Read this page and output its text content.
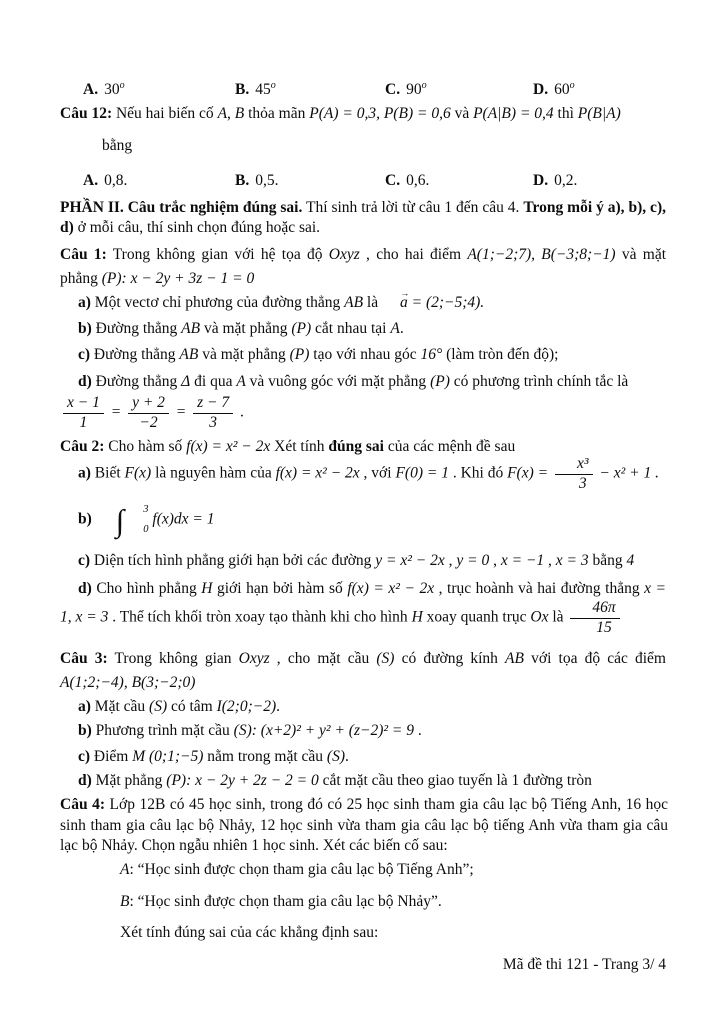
A. 30$^o$	B. 45$^o$	C. 90$^o$	D. 60$^o$

Câu 12: Nếu hai biến cố A, B thỏa mãn P(A) = 0,3, P(B) = 0,6 và P(A|B) = 0,4 thì P(B|A)

bằng

A. 0,8.	B. 0,5.	C. 0,6.	D. 0,2.

PHẦN II. Câu trắc nghiệm đúng sai. Thí sinh trả lời từ câu 1 đến câu 4. Trong mỗi ý a), b), c), d) ở mỗi câu, thí sinh chọn đúng hoặc sai.

Câu 1: Trong không gian với hệ tọa độ Oxyz , cho hai điểm A(1;−2;7), B(−3;8;−1) và mặt phẳng (P): x − 2y + 3z − 1 = 0

a) Một vectơ chỉ phương của đường thẳng AB là a → = (2;−5;4).

b) Đường thẳng AB và mặt phẳng (P) cắt nhau tại A.

c) Đường thẳng AB và mặt phẳng (P) tạo với nhau góc 16° (làm tròn đến độ);

d) Đường thẳng Δ đi qua A và vuông góc với mặt phẳng (P) có phương trình chính tắc là

$\frac{x - 1}{1} = \frac{y + 2}{-2} = \frac{z - 7}{3}$ .

Câu 2: Cho hàm số f(x) = x² − 2x Xét tính đúng sai của các mệnh đề sau

a) Biết F(x) là nguyên hàm của f(x) = x² − 2x , với F(0) = 1 . Khi đó $F(x) = \frac{\text{x³}}{3} - x^2 + 1$ .

b) ∫	3
0
f(x)dx = 1

c) Diện tích hình phẳng giới hạn bởi các đường y = x² − 2x , y = 0 , x = −1 , x = 3 bằng 4

d) Cho hình phẳng H giới hạn bởi hàm số f(x) = x² − 2x , trục hoành và hai đường thẳng x = 1, x = 3 . Thể tích khối tròn xoay tạo thành khi cho hình H xoay quanh trục Ox là $\frac{46\pi}{15}$

Câu 3: Trong không gian Oxyz , cho mặt cầu (S) có đường kính AB với tọa độ các điểm A(1;2;−4), B(3;−2;0)

a) Mặt cầu (S) có tâm I(2;0;−2).

b) Phương trình mặt cầu (S): (x+2)² + y² + (z−2)² = 9 .

c) Điểm M (0;1;−5) nằm trong mặt cầu (S).

d) Mặt phẳng (P): x − 2y + 2z − 2 = 0 cắt mặt cầu theo giao tuyến là 1 đường tròn

Câu 4: Lớp 12B có 45 học sinh, trong đó có 25 học sinh tham gia câu lạc bộ Tiếng Anh, 16 học sinh tham gia câu lạc bộ Nhảy, 12 học sinh vừa tham gia câu lạc bộ tiếng Anh vừa tham gia câu lạc bộ Nhảy. Chọn ngẫu nhiên 1 học sinh. Xét các biến cố sau:

A: “Học sinh được chọn tham gia câu lạc bộ Tiếng Anh”;

B: “Học sinh được chọn tham gia câu lạc bộ Nhảy”.

Xét tính đúng sai của các khẳng định sau:

Mã đề thi 121 - Trang 3/ 4
